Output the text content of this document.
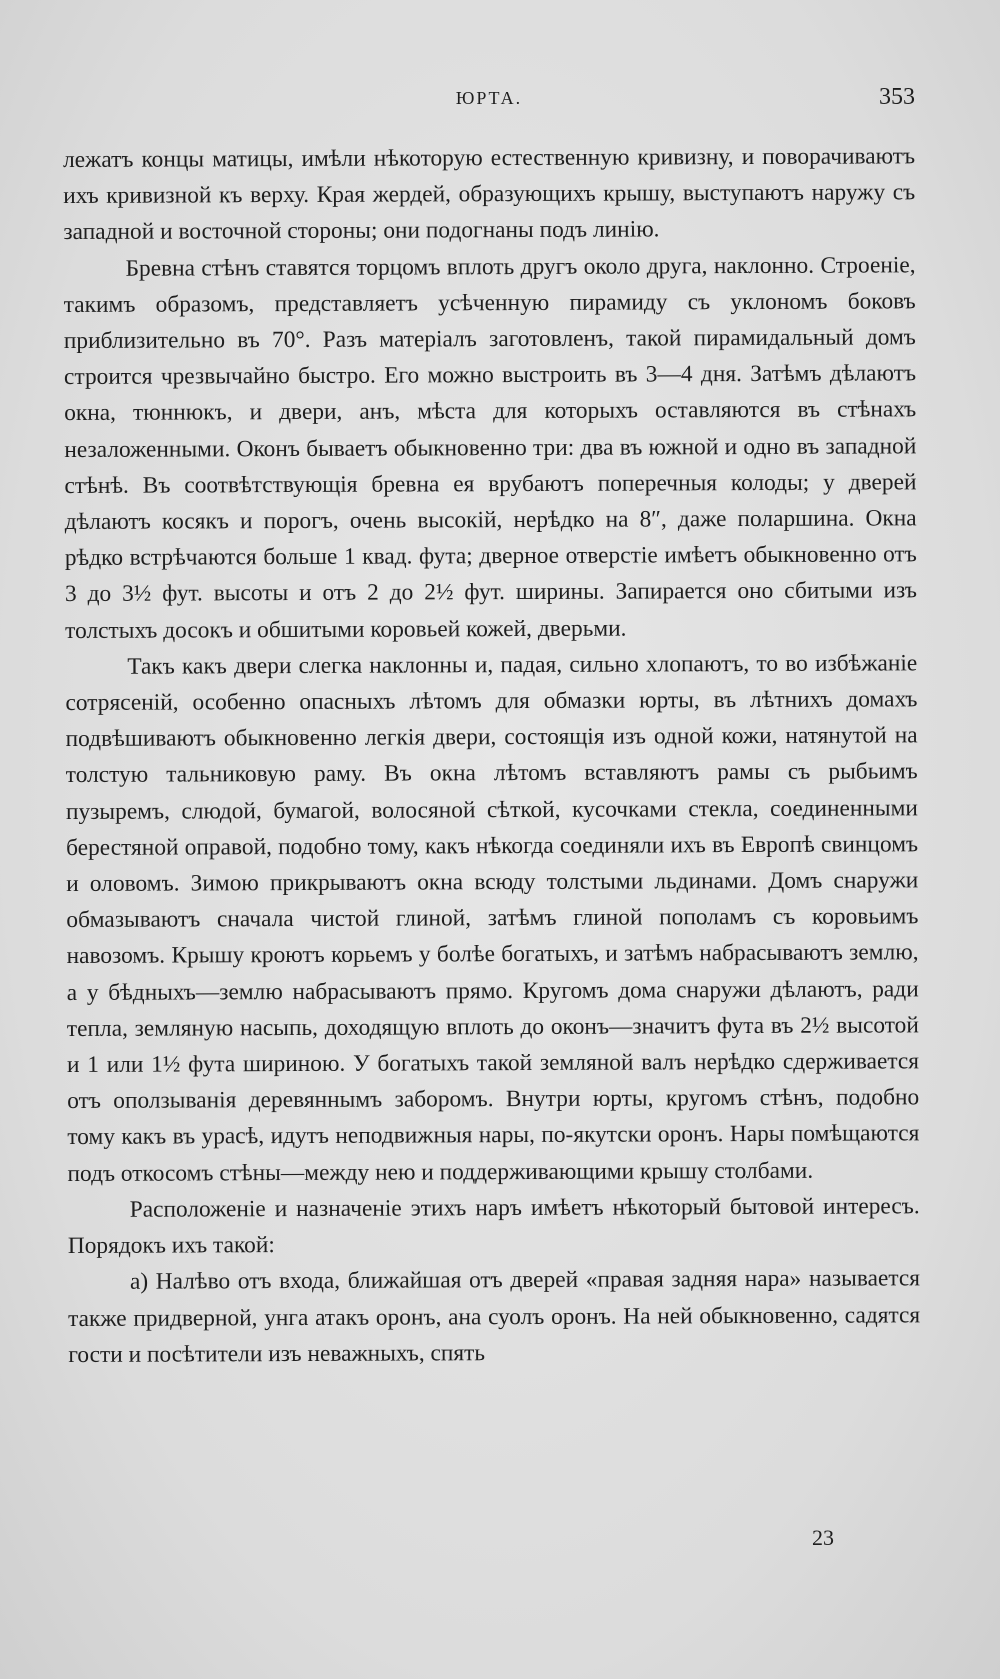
ЮРТА.	353

лежатъ концы матицы, имѣли нѣкоторую естественную кривизну, и поворачиваютъ ихъ кривизной къ верху. Края жердей, образующихъ крышу, выступаютъ наружу съ западной и восточной стороны; они подогнаны подъ линію.

Бревна стѣнъ ставятся торцомъ вплоть другъ около друга, наклонно. Строеніе, такимъ образомъ, представляетъ усѣченную пирамиду съ уклономъ боковъ приблизительно въ 70°. Разъ матеріалъ заготовленъ, такой пирамидальный домъ строится чрезвычайно быстро. Его можно выстроить въ 3—4 дня. Затѣмъ дѣлаютъ окна, тюннюкъ, и двери, анъ, мѣста для которыхъ оставляются въ стѣнахъ незаложенными. Оконъ бываетъ обыкновенно три: два въ южной и одно въ западной стѣнѣ. Въ соотвѣтствующія бревна ея врубаютъ поперечныя колоды; у дверей дѣлаютъ косякъ и порогъ, очень высокій, нерѣдко на 8″, даже поларшина. Окна рѣдко встрѣчаются больше 1 квад. фута; дверное отверстіе имѣетъ обыкновенно отъ 3 до 3½ фут. высоты и отъ 2 до 2½ фут. ширины. Запирается оно сбитыми изъ толстыхъ досокъ и обшитыми коровьей кожей, дверьми.

Такъ какъ двери слегка наклонны и, падая, сильно хлопаютъ, то во избѣжаніе сотрясеній, особенно опасныхъ лѣтомъ для обмазки юрты, въ лѣтнихъ домахъ подвѣшиваютъ обыкновенно легкія двери, состоящія изъ одной кожи, натянутой на толстую тальниковую раму. Въ окна лѣтомъ вставляютъ рамы съ рыбьимъ пузыремъ, слюдой, бумагой, волосяной сѣткой, кусочками стекла, соединенными берестяной оправой, подобно тому, какъ нѣкогда соединяли ихъ въ Европѣ свинцомъ и оловомъ. Зимою прикрываютъ окна всюду толстыми льдинами. Домъ снаружи обмазываютъ сначала чистой глиной, затѣмъ глиной пополамъ съ коровьимъ навозомъ. Крышу кроютъ корьемъ у болѣе богатыхъ, и затѣмъ набрасываютъ землю, а у бѣдныхъ—землю набрасываютъ прямо. Кругомъ дома снаружи дѣлаютъ, ради тепла, земляную насыпь, доходящую вплоть до оконъ—значитъ фута въ 2½ высотой и 1 или 1½ фута шириною. У богатыхъ такой земляной валъ нерѣдко сдерживается отъ оползыванія деревяннымъ заборомъ. Внутри юрты, кругомъ стѣнъ, подобно тому какъ въ урасѣ, идутъ неподвижныя нары, по-якутски оронъ. Нары помѣщаются подъ откосомъ стѣны—между нею и поддерживающими крышу столбами.

Расположеніе и назначеніе этихъ наръ имѣетъ нѣкоторый бытовой интересъ. Порядокъ ихъ такой:

a) Налѣво отъ входа, ближайшая отъ дверей «правая задняя нара» называется также придверной, унга атакъ оронъ, ана суолъ оронъ. На ней обыкновенно, садятся гости и посѣтители изъ неважныхъ, спять

23
